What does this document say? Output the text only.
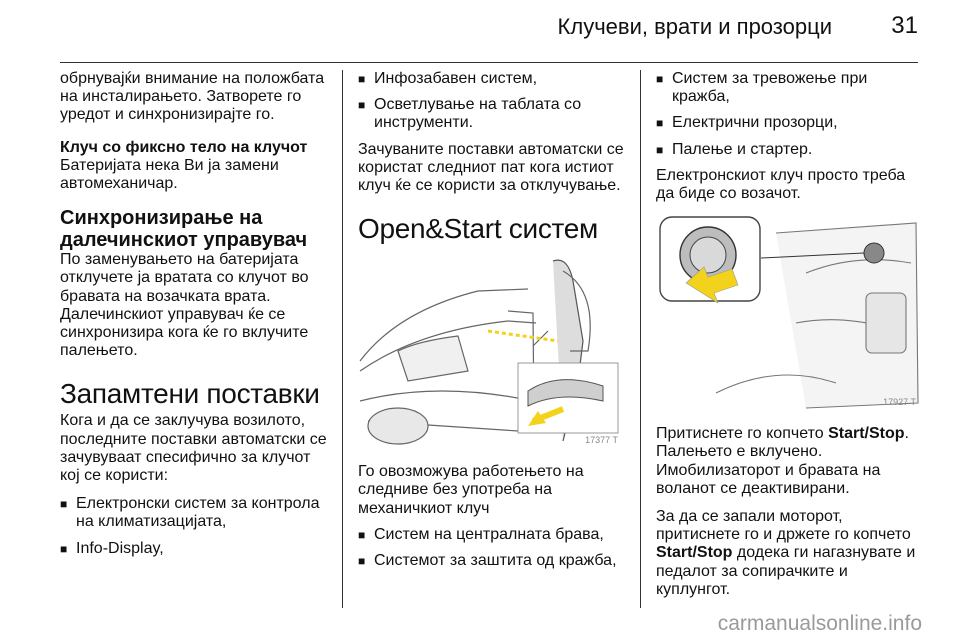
Клучеви, врати и прозорци 31

обрнувајќи внимание на положбата на инсталирањето. Затворете го уредот и синхронизирајте го.

Клуч со фиксно тело на клучот

Батеријата нека Ви ја замени автомеханичар.

Синхронизирање на далечинскиот управувач

По заменувањето на батеријата отклучете ја вратата со клучот во бравата на возачката врата. Далечинскиот управувач ќе се синхронизира кога ќе го вклучите палењето.

Запамтени поставки

Кога и да се заклучува возилото, последните поставки автоматски се зачувуваат спесифично за клучот кој се користи:

■ Електронски систем за контрола на климатизацијата,
■ Info-Display,
■ Инфозабавен систем,
■ Осветлување на таблата со инструменти.

Зачуваните поставки автоматски се користат следниот пат кога истиот клуч ќе се користи за отклучување.

Open&Start систем
17377 T

Го овозможува работењето на следниве без употреба на механичкиот клуч

■ Систем на централната брава,
■ Системот за заштита од кражба,
■ Систем за тревожење при кражба,
■ Електрични прозорци,
■ Палење и стартер.

Електронскиот клуч просто треба да биде со возачот.

17927 T

Притиснете го копчето Start/Stop.

Палењето е вклучено.

Имобилизаторот и бравата на воланот се деактивирани.

За да се запали моторот, притиснете го и држете го копчето Start/Stop додека ги нагазнувате и педалот за сопирачките и куплунгот.

carmanualsonline.info
